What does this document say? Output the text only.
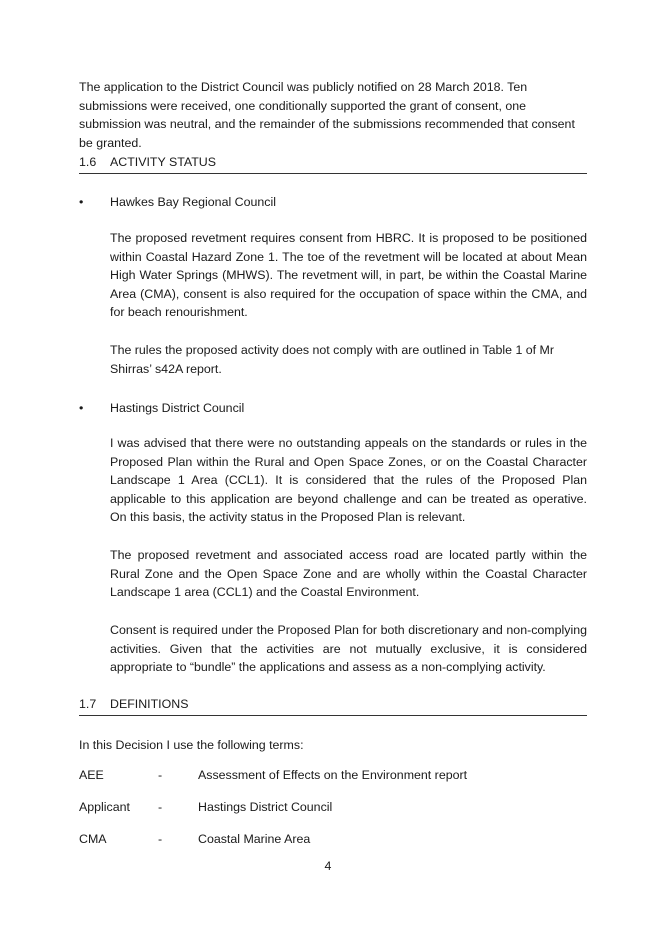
The application to the District Council was publicly notified on 28 March 2018. Ten submissions were received, one conditionally supported the grant of consent, one submission was neutral, and the remainder of the submissions recommended that consent be granted.

1.6 ACTIVITY STATUS
•	Hawkes Bay Regional Council

The proposed revetment requires consent from HBRC. It is proposed to be positioned within Coastal Hazard Zone 1. The toe of the revetment will be located at about Mean High Water Springs (MHWS). The revetment will, in part, be within the Coastal Marine Area (CMA), consent is also required for the occupation of space within the CMA, and for beach renourishment.

The rules the proposed activity does not comply with are outlined in Table 1 of Mr Shirras’ s42A report.

•	Hastings District Council

I was advised that there were no outstanding appeals on the standards or rules in the Proposed Plan within the Rural and Open Space Zones, or on the Coastal Character Landscape 1 Area (CCL1). It is considered that the rules of the Proposed Plan applicable to this application are beyond challenge and can be treated as operative. On this basis, the activity status in the Proposed Plan is relevant.

The proposed revetment and associated access road are located partly within the Rural Zone and the Open Space Zone and are wholly within the Coastal Character Landscape 1 area (CCL1) and the Coastal Environment.

Consent is required under the Proposed Plan for both discretionary and non-complying activities. Given that the activities are not mutually exclusive, it is considered appropriate to “bundle” the applications and assess as a non-complying activity.

1.7 DEFINITIONS
In this Decision I use the following terms:
AEE	-	Assessment of Effects on the Environment report
Applicant -	Hastings District Council
CMA	-	Coastal Marine Area
4
